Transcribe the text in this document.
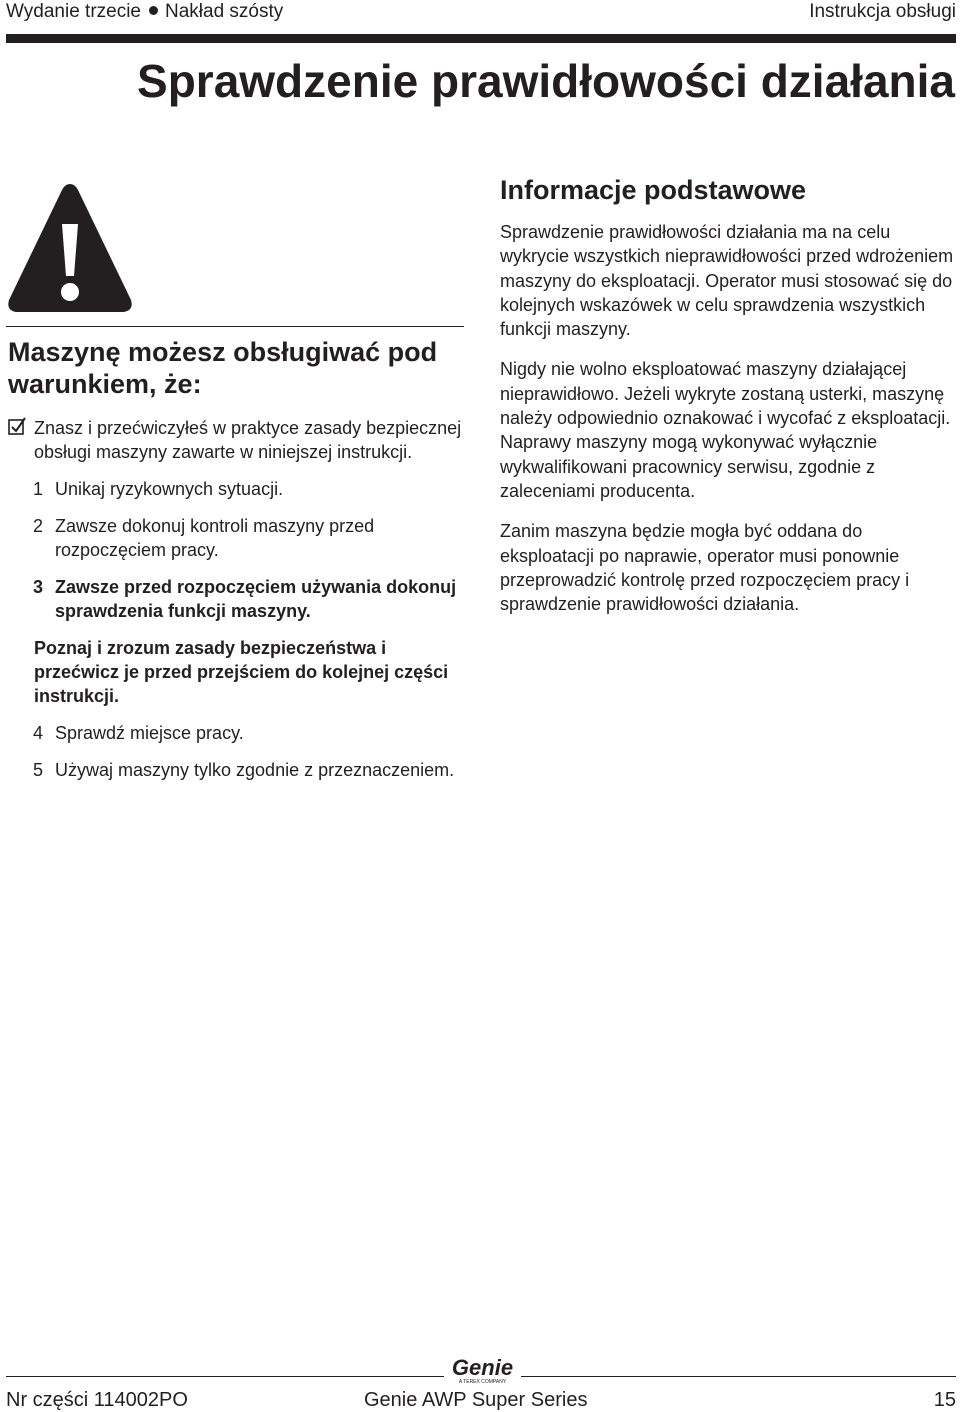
Wydanie trzecie Nakład szósty	Instrukcja obsługi
Sprawdzenie prawidłowości działania
Maszynę możesz obsługiwać pod warunkiem, że:
Znasz i przećwiczyłeś w praktyce zasady bezpiecznej obsługi maszyny zawarte w niniejszej instrukcji.
1 Unikaj ryzykownych sytuacji.
2 Zawsze dokonuj kontroli maszyny przed rozpoczęciem pracy.
3 Zawsze przed rozpoczęciem używania dokonuj sprawdzenia funkcji maszyny.
Poznaj i zrozum zasady bezpieczeństwa i przećwicz je przed przejściem do kolejnej części instrukcji.
4 Sprawdź miejsce pracy.
5 Używaj maszyny tylko zgodnie z przeznaczeniem.
Informacje podstawowe

Sprawdzenie prawidłowości działania ma na celu wykrycie wszystkich nieprawidłowości przed wdrożeniem maszyny do eksploatacji. Operator musi stosować się do kolejnych wskazówek w celu sprawdzenia wszystkich funkcji maszyny.

Nigdy nie wolno eksploatować maszyny działającej nieprawidłowo. Jeżeli wykryte zostaną usterki, maszynę należy odpowiednio oznakować i wycofać z eksploatacji. Naprawy maszyny mogą wykonywać wyłącznie wykwalifikowani pracownicy serwisu, zgodnie z zaleceniami producenta.

Zanim maszyna będzie mogła być oddana do eksploatacji po naprawie, operator musi ponownie przeprowadzić kontrolę przed rozpoczęciem pracy i sprawdzenie prawidłowości działania.

Genie
A TEREX COMPANY
Nr części 114002PO	Genie AWP Super Series	15
